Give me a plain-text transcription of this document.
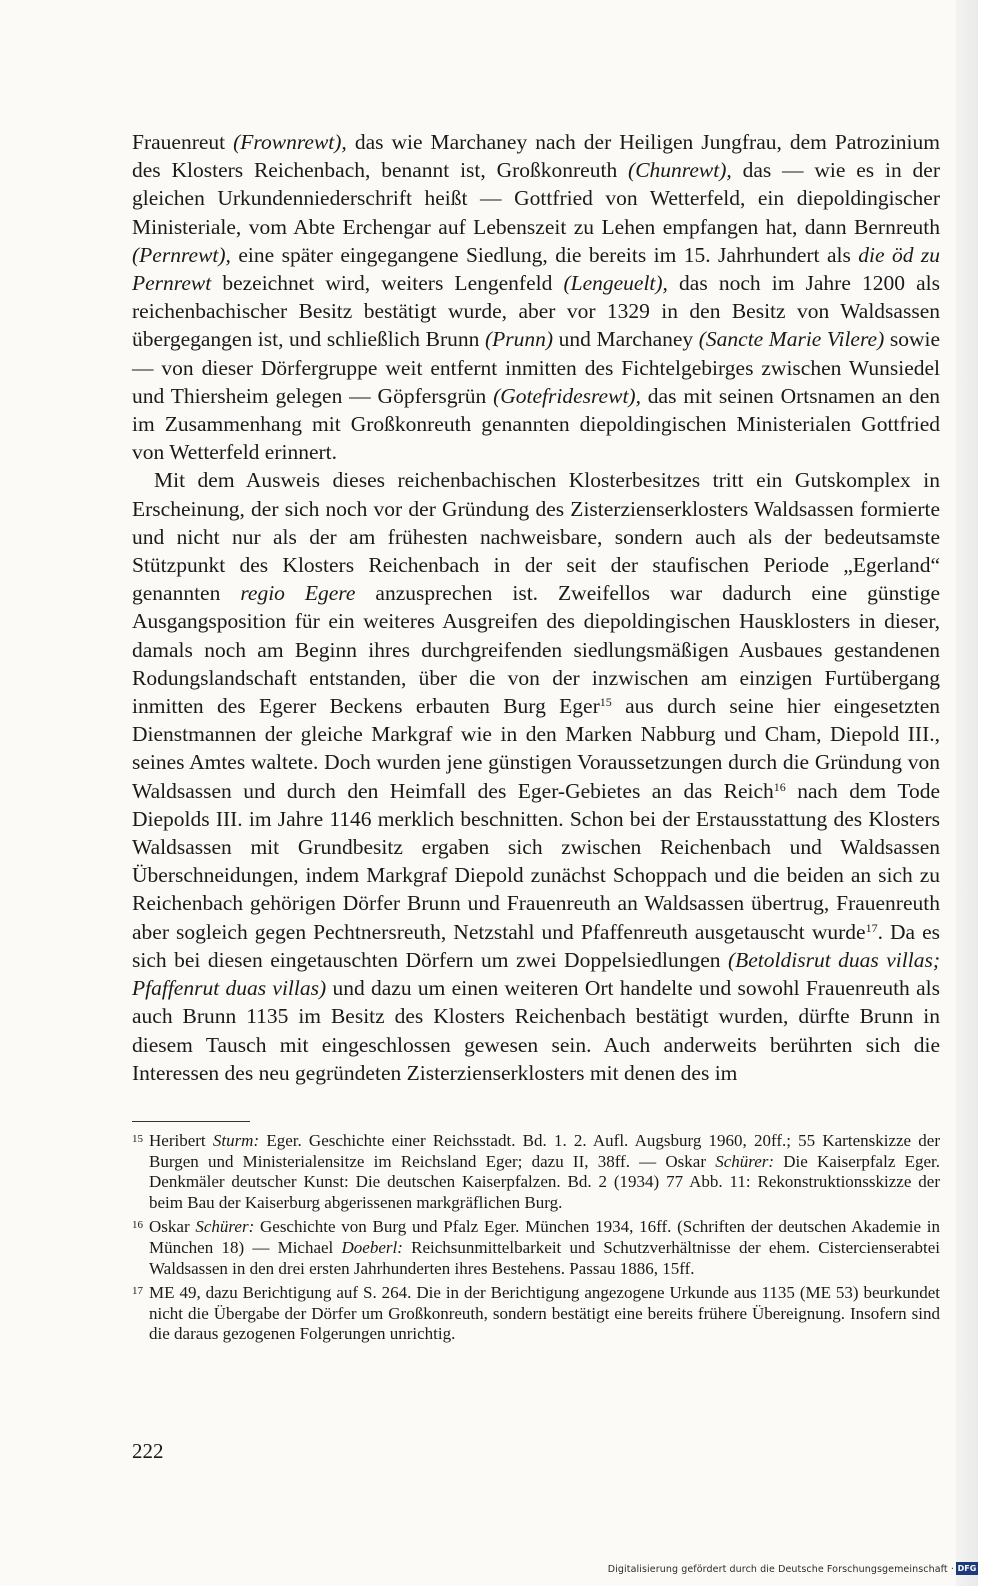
Frauenreut (Frownrewt), das wie Marchaney nach der Heiligen Jungfrau, dem Patrozinium des Klosters Reichenbach, benannt ist, Großkonreuth (Chunrewt), das — wie es in der gleichen Urkundenniederschrift heißt — Gottfried von Wetterfeld, ein diepoldingischer Ministeriale, vom Abte Erchengar auf Lebenszeit zu Lehen empfangen hat, dann Bernreuth (Pernrewt), eine später eingegangene Siedlung, die bereits im 15. Jahrhundert als die öd zu Pernrewt bezeichnet wird, weiters Lengenfeld (Lengeuelt), das noch im Jahre 1200 als reichenbachischer Besitz bestätigt wurde, aber vor 1329 in den Besitz von Waldsassen übergegangen ist, und schließlich Brunn (Prunn) und Marchaney (Sancte Marie Vilere) sowie — von dieser Dörfergruppe weit entfernt inmitten des Fichtelgebirges zwischen Wunsiedel und Thiersheim gelegen — Göpfersgrün (Gotefridesrewt), das mit seinen Ortsnamen an den im Zusammenhang mit Großkonreuth genannten diepoldingischen Ministerialen Gottfried von Wetterfeld erinnert.

Mit dem Ausweis dieses reichenbachischen Klosterbesitzes tritt ein Gutskomplex in Erscheinung, der sich noch vor der Gründung des Zisterzienserklosters Waldsassen formierte und nicht nur als der am frühesten nachweisbare, sondern auch als der bedeutsamste Stützpunkt des Klosters Reichenbach in der seit der staufischen Periode „Egerland“ genannten regio Egere anzusprechen ist. Zweifellos war dadurch eine günstige Ausgangsposition für ein weiteres Ausgreifen des diepoldingischen Hausklosters in dieser, damals noch am Beginn ihres durchgreifenden siedlungsmäßigen Ausbaues gestandenen Rodungslandschaft entstanden, über die von der inzwischen am einzigen Furtübergang inmitten des Egerer Beckens erbauten Burg Eger$^{15}$ aus durch seine hier eingesetzten Dienstmannen der gleiche Markgraf wie in den Marken Nabburg und Cham, Diepold III., seines Amtes waltete. Doch wurden jene günstigen Voraussetzungen durch die Gründung von Waldsassen und durch den Heimfall des Eger-Gebietes an das Reich$^{16}$ nach dem Tode Diepolds III. im Jahre 1146 merklich beschnitten. Schon bei der Erstausstattung des Klosters Waldsassen mit Grundbesitz ergaben sich zwischen Reichenbach und Waldsassen Überschneidungen, indem Markgraf Diepold zunächst Schoppach und die beiden an sich zu Reichenbach gehörigen Dörfer Brunn und Frauenreuth an Waldsassen übertrug, Frauenreuth aber sogleich gegen Pechtnersreuth, Netzstahl und Pfaffenreuth ausgetauscht wurde$^{17}$. Da es sich bei diesen eingetauschten Dörfern um zwei Doppelsiedlungen (Betoldisrut duas villas; Pfaffenrut duas villas) und dazu um einen weiteren Ort handelte und sowohl Frauenreuth als auch Brunn 1135 im Besitz des Klosters Reichenbach bestätigt wurden, dürfte Brunn in diesem Tausch mit eingeschlossen gewesen sein. Auch anderweits berührten sich die Interessen des neu gegründeten Zisterzienserklosters mit denen des im

15 Heribert Sturm: Eger. Geschichte einer Reichsstadt. Bd. 1. 2. Aufl. Augsburg 1960, 20ff.; 55 Kartenskizze der Burgen und Ministerialensitze im Reichsland Eger; dazu II, 38ff. — Oskar Schürer: Die Kaiserpfalz Eger. Denkmäler deutscher Kunst: Die deutschen Kaiserpfalzen. Bd. 2 (1934) 77 Abb. 11: Rekonstruktionsskizze der beim Bau der Kaiserburg abgerissenen markgräflichen Burg.
16 Oskar Schürer: Geschichte von Burg und Pfalz Eger. München 1934, 16ff. (Schriften der deutschen Akademie in München 18) — Michael Doeberl: Reichsunmittelbarkeit und Schutzverhältnisse der ehem. Cistercienserabtei Waldsassen in den drei ersten Jahrhunderten ihres Bestehens. Passau 1886, 15ff.
17 ME 49, dazu Berichtigung auf S. 264. Die in der Berichtigung angezogene Urkunde aus 1135 (ME 53) beurkundet nicht die Übergabe der Dörfer um Großkonreuth, sondern bestätigt eine bereits frühere Übereignung. Insofern sind die daraus gezogenen Folgerungen unrichtig.
222
Digitalisierung gefördert durch die Deutsche Forschungsgemeinschaft · DFG
